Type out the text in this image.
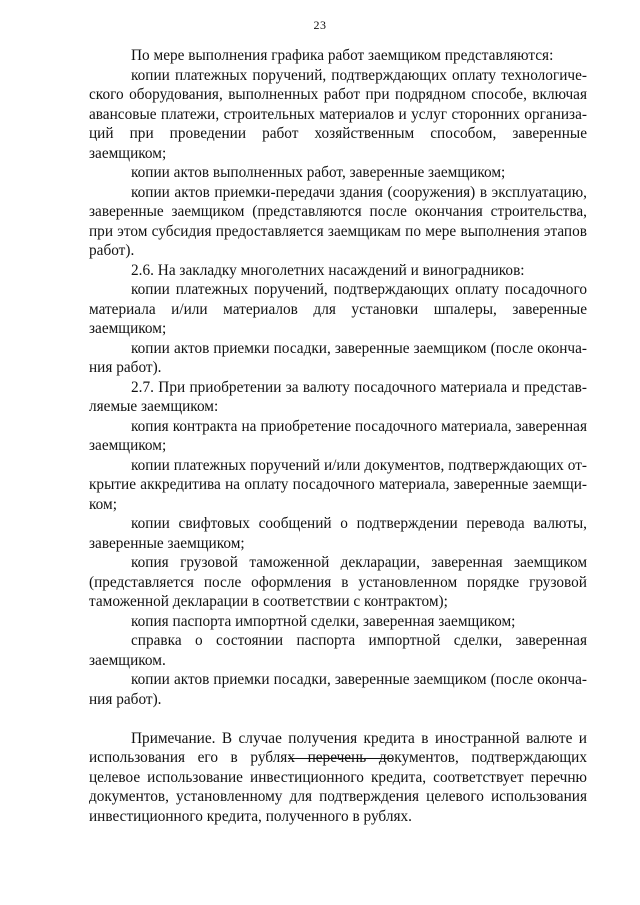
23

По мере выполнения графика работ заемщиком представляются:

копии платежных поручений, подтверждающих оплату технологического оборудования, выполненных работ при подрядном способе, включая авансовые платежи, строительных материалов и услуг сторонних организаций при проведении работ хозяйственным способом, заверенные заемщиком;

копии актов выполненных работ, заверенные заемщиком;

копии актов приемки-передачи здания (сооружения) в эксплуатацию, заверенные заемщиком (представляются после окончания строительства, при этом субсидия предоставляется заемщикам по мере выполнения этапов работ).

2.6. На закладку многолетних насаждений и виноградников:

копии платежных поручений, подтверждающих оплату посадочного материала и/или материалов для установки шпалеры, заверенные заемщиком;

копии актов приемки посадки, заверенные заемщиком (после окончания работ).

2.7. При приобретении за валюту посадочного материала и представляемые заемщиком:

копия контракта на приобретение посадочного материала, заверенная заемщиком;

копии платежных поручений и/или документов, подтверждающих открытие аккредитива на оплату посадочного материала, заверенные заемщиком;

копии свифтовых сообщений о подтверждении перевода валюты, заверенные заемщиком;

копия грузовой таможенной декларации, заверенная заемщиком (представляется после оформления в установленном порядке грузовой таможенной декларации в соответствии с контрактом);

копия паспорта импортной сделки, заверенная заемщиком;

справка о состоянии паспорта импортной сделки, заверенная заемщиком.

копии актов приемки посадки, заверенные заемщиком (после окончания работ).

Примечание. В случае получения кредита в иностранной валюте и использования его в рублях перечень документов, подтверждающих целевое использование инвестиционного кредита, соответствует перечню документов, установленному для подтверждения целевого использования инвестиционного кредита, полученного в рублях.
